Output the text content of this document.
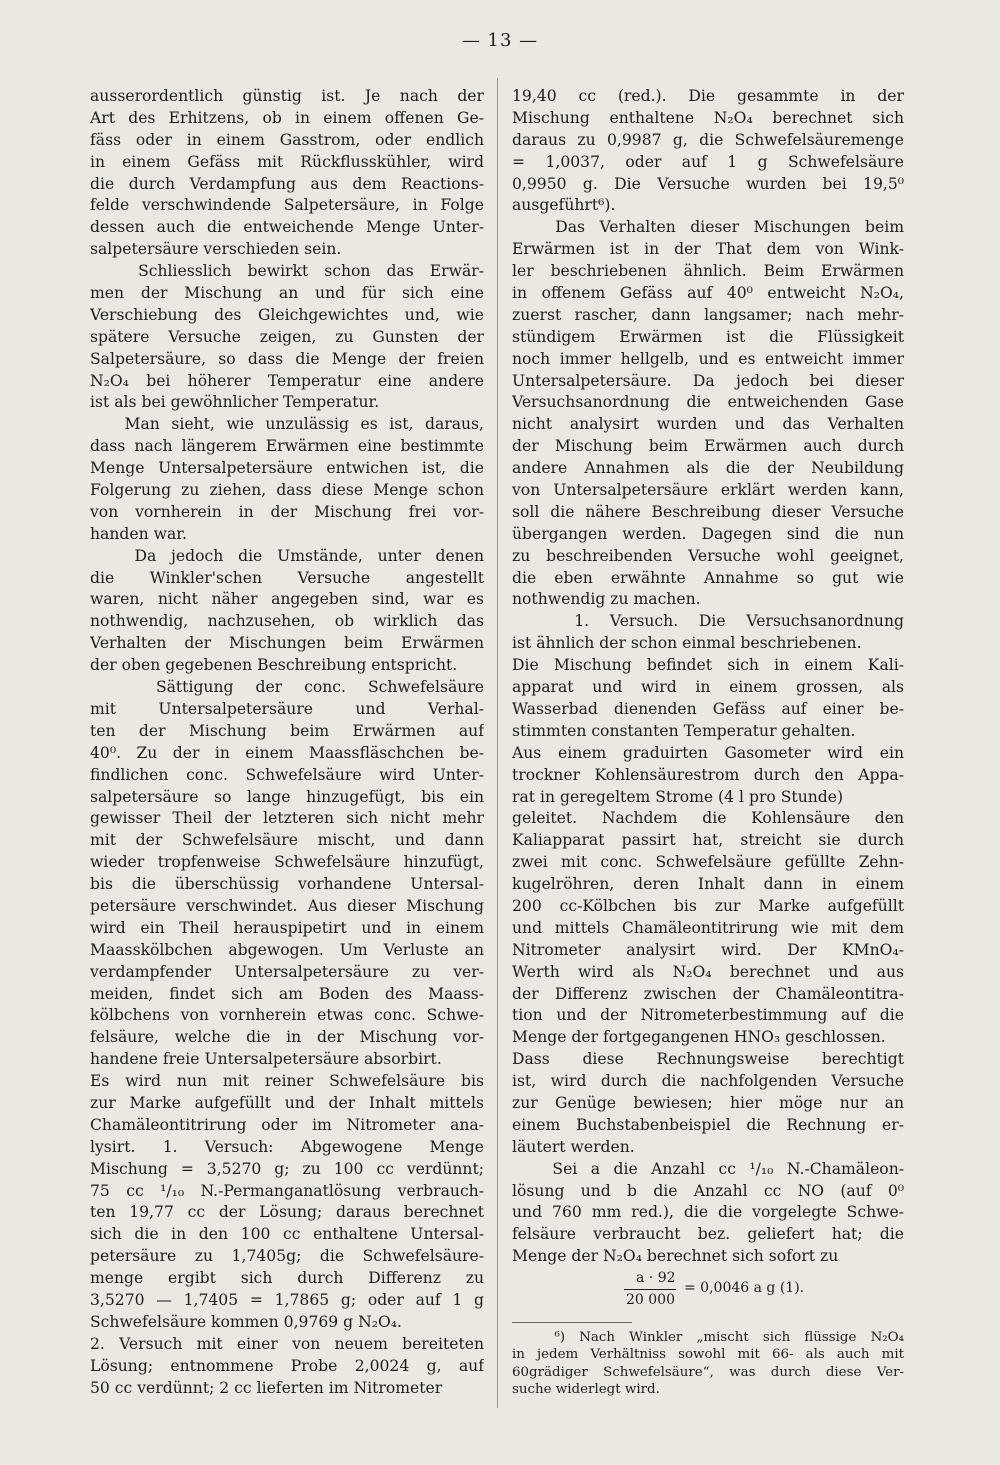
— 13 —
ausserordentlich günstig ist. Je nach der
Art des Erhitzens, ob in einem offenen Ge-
fäss oder in einem Gasstrom, oder endlich
in einem Gefäss mit Rückflusskühler, wird
die durch Verdampfung aus dem Reactions-
felde verschwindende Salpetersäure, in Folge
dessen auch die entweichende Menge Unter-
salpetersäure verschieden sein.
Schliesslich bewirkt schon das Erwär-
men der Mischung an und für sich eine
Verschiebung des Gleichgewichtes und, wie
spätere Versuche zeigen, zu Gunsten der
Salpetersäure, so dass die Menge der freien
N₂O₄ bei höherer Temperatur eine andere
ist als bei gewöhnlicher Temperatur.
Man sieht, wie unzulässig es ist, daraus,
dass nach längerem Erwärmen eine bestimmte
Menge Untersalpetersäure entwichen ist, die
Folgerung zu ziehen, dass diese Menge schon
von vornherein in der Mischung frei vor-
handen war.
Da jedoch die Umstände, unter denen
die Winkler'schen Versuche angestellt
waren, nicht näher angegeben sind, war es
nothwendig, nachzusehen, ob wirklich das
Verhalten der Mischungen beim Erwärmen
der oben gegebenen Beschreibung entspricht.
Sättigung der conc. Schwefelsäure
mit Untersalpetersäure und Verhal-
ten der Mischung beim Erwärmen auf
40⁰. Zu der in einem Maassfläschchen be-
findlichen conc. Schwefelsäure wird Unter-
salpetersäure so lange hinzugefügt, bis ein
gewisser Theil der letzteren sich nicht mehr
mit der Schwefelsäure mischt, und dann
wieder tropfenweise Schwefelsäure hinzufügt,
bis die überschüssig vorhandene Untersal-
petersäure verschwindet. Aus dieser Mischung
wird ein Theil herauspipetirt und in einem
Maasskölbchen abgewogen. Um Verluste an
verdampfender Untersalpetersäure zu ver-
meiden, findet sich am Boden des Maass-
kölbchens von vornherein etwas conc. Schwe-
felsäure, welche die in der Mischung vor-
handene freie Untersalpetersäure absorbirt.
Es wird nun mit reiner Schwefelsäure bis
zur Marke aufgefüllt und der Inhalt mittels
Chamäleontitrirung oder im Nitrometer ana-
lysirt. 1. Versuch: Abgewogene Menge
Mischung = 3,5270 g; zu 100 cc verdünnt;
75 cc ¹/₁₀ N.-Permanganatlösung verbrauch-
ten 19,77 cc der Lösung; daraus berechnet
sich die in den 100 cc enthaltene Untersal-
petersäure zu 1,7405g; die Schwefelsäure-
menge ergibt sich durch Differenz zu
3,5270 — 1,7405 = 1,7865 g; oder auf 1 g
Schwefelsäure kommen 0,9769 g N₂O₄.
2. Versuch mit einer von neuem bereiteten
Lösung; entnommene Probe 2,0024 g, auf
50 cc verdünnt; 2 cc lieferten im Nitrometer
19,40 cc (red.). Die gesammte in der
Mischung enthaltene N₂O₄ berechnet sich
daraus zu 0,9987 g, die Schwefelsäuremenge
= 1,0037, oder auf 1 g Schwefelsäure
0,9950 g. Die Versuche wurden bei 19,5⁰
ausgeführt⁶).
Das Verhalten dieser Mischungen beim
Erwärmen ist in der That dem von Wink-
ler beschriebenen ähnlich. Beim Erwärmen
in offenem Gefäss auf 40⁰ entweicht N₂O₄,
zuerst rascher, dann langsamer; nach mehr-
stündigem Erwärmen ist die Flüssigkeit
noch immer hellgelb, und es entweicht immer
Untersalpetersäure. Da jedoch bei dieser
Versuchsanordnung die entweichenden Gase
nicht analysirt wurden und das Verhalten
der Mischung beim Erwärmen auch durch
andere Annahmen als die der Neubildung
von Untersalpetersäure erklärt werden kann,
soll die nähere Beschreibung dieser Versuche
übergangen werden. Dagegen sind die nun
zu beschreibenden Versuche wohl geeignet,
die eben erwähnte Annahme so gut wie
nothwendig zu machen.
1. Versuch. Die Versuchsanordnung
ist ähnlich der schon einmal beschriebenen.
Die Mischung befindet sich in einem Kali-
apparat und wird in einem grossen, als
Wasserbad dienenden Gefäss auf einer be-
stimmten constanten Temperatur gehalten.
Aus einem graduirten Gasometer wird ein
trockner Kohlensäurestrom durch den Appa-
rat in geregeltem Strome (4 l pro Stunde)
geleitet. Nachdem die Kohlensäure den
Kaliapparat passirt hat, streicht sie durch
zwei mit conc. Schwefelsäure gefüllte Zehn-
kugelröhren, deren Inhalt dann in einem
200 cc-Kölbchen bis zur Marke aufgefüllt
und mittels Chamäleontitrirung wie mit dem
Nitrometer analysirt wird. Der KMnO₄-
Werth wird als N₂O₄ berechnet und aus
der Differenz zwischen der Chamäleontitra-
tion und der Nitrometerbestimmung auf die
Menge der fortgegangenen HNO₃ geschlossen.
Dass diese Rechnungsweise berechtigt
ist, wird durch die nachfolgenden Versuche
zur Genüge bewiesen; hier möge nur an
einem Buchstabenbeispiel die Rechnung er-
läutert werden.
Sei a die Anzahl cc ¹/₁₀ N.-Chamäleon-
lösung und b die Anzahl cc NO (auf 0⁰
und 760 mm red.), die die vorgelegte Schwe-
felsäure verbraucht bez. geliefert hat; die
Menge der N₂O₄ berechnet sich sofort zu
a · 92
20 000
= 0,0046 a g (1).
⁶) Nach Winkler „mischt sich flüssige N₂O₄
in jedem Verhältniss sowohl mit 66- als auch mit
60grädiger Schwefelsäure“, was durch diese Ver-
suche widerlegt wird.
